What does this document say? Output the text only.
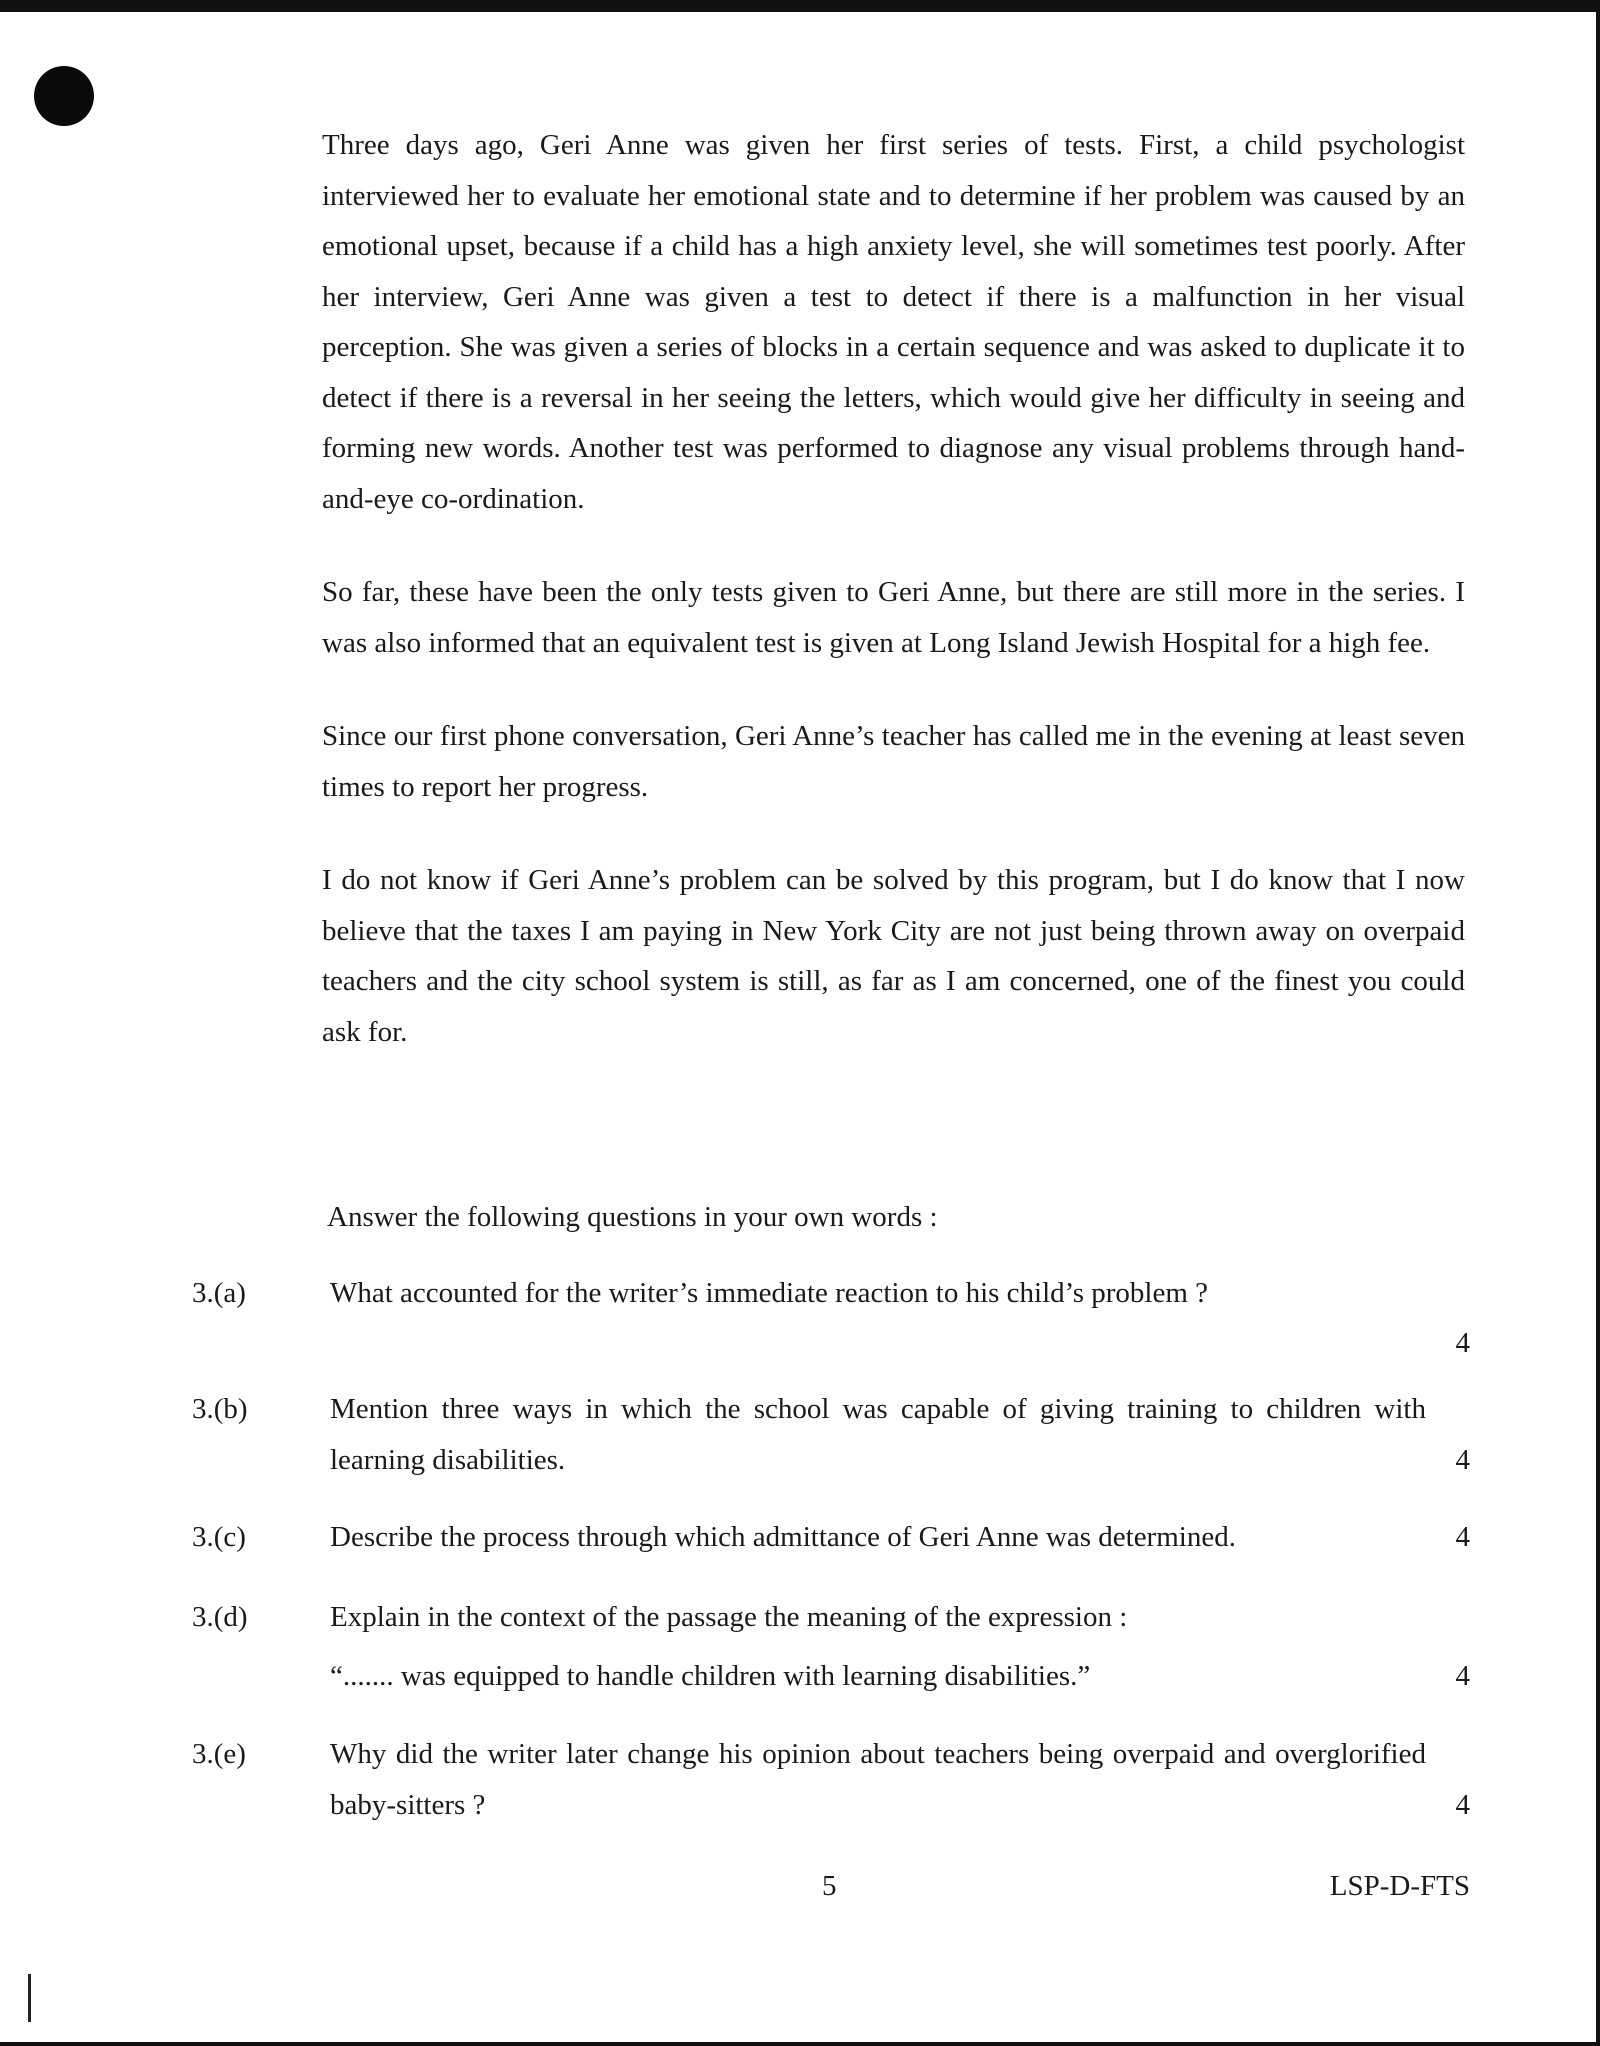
Three days ago, Geri Anne was given her first series of tests. First, a child psychologist interviewed her to evaluate her emotional state and to determine if her problem was caused by an emotional upset, because if a child has a high anxiety level, she will sometimes test poorly. After her interview, Geri Anne was given a test to detect if there is a malfunction in her visual perception. She was given a series of blocks in a certain sequence and was asked to duplicate it to detect if there is a reversal in her seeing the letters, which would give her difficulty in seeing and forming new words. Another test was performed to diagnose any visual problems through hand-and-eye co-ordination.

So far, these have been the only tests given to Geri Anne, but there are still more in the series. I was also informed that an equivalent test is given at Long Island Jewish Hospital for a high fee.

Since our first phone conversation, Geri Anne’s teacher has called me in the evening at least seven times to report her progress.

I do not know if Geri Anne’s problem can be solved by this program, but I do know that I now believe that the taxes I am paying in New York City are not just being thrown away on overpaid teachers and the city school system is still, as far as I am concerned, one of the finest you could ask for.

Answer the following questions in your own words :
3.(a)	What accounted for the writer’s immediate reaction to his child’s problem ?
4
3.(b)	Mention three ways in which the school was capable of giving training to children with learning disabilities.	4
3.(c)	Describe the process through which admittance of Geri Anne was determined.	4
3.(d)	Explain in the context of the passage the meaning of the expression :
“....... was equipped to handle children with learning disabilities.”	4
3.(e)	Why did the writer later change his opinion about teachers being overpaid and overglorified baby-sitters ?	4
5	LSP-D-FTS
